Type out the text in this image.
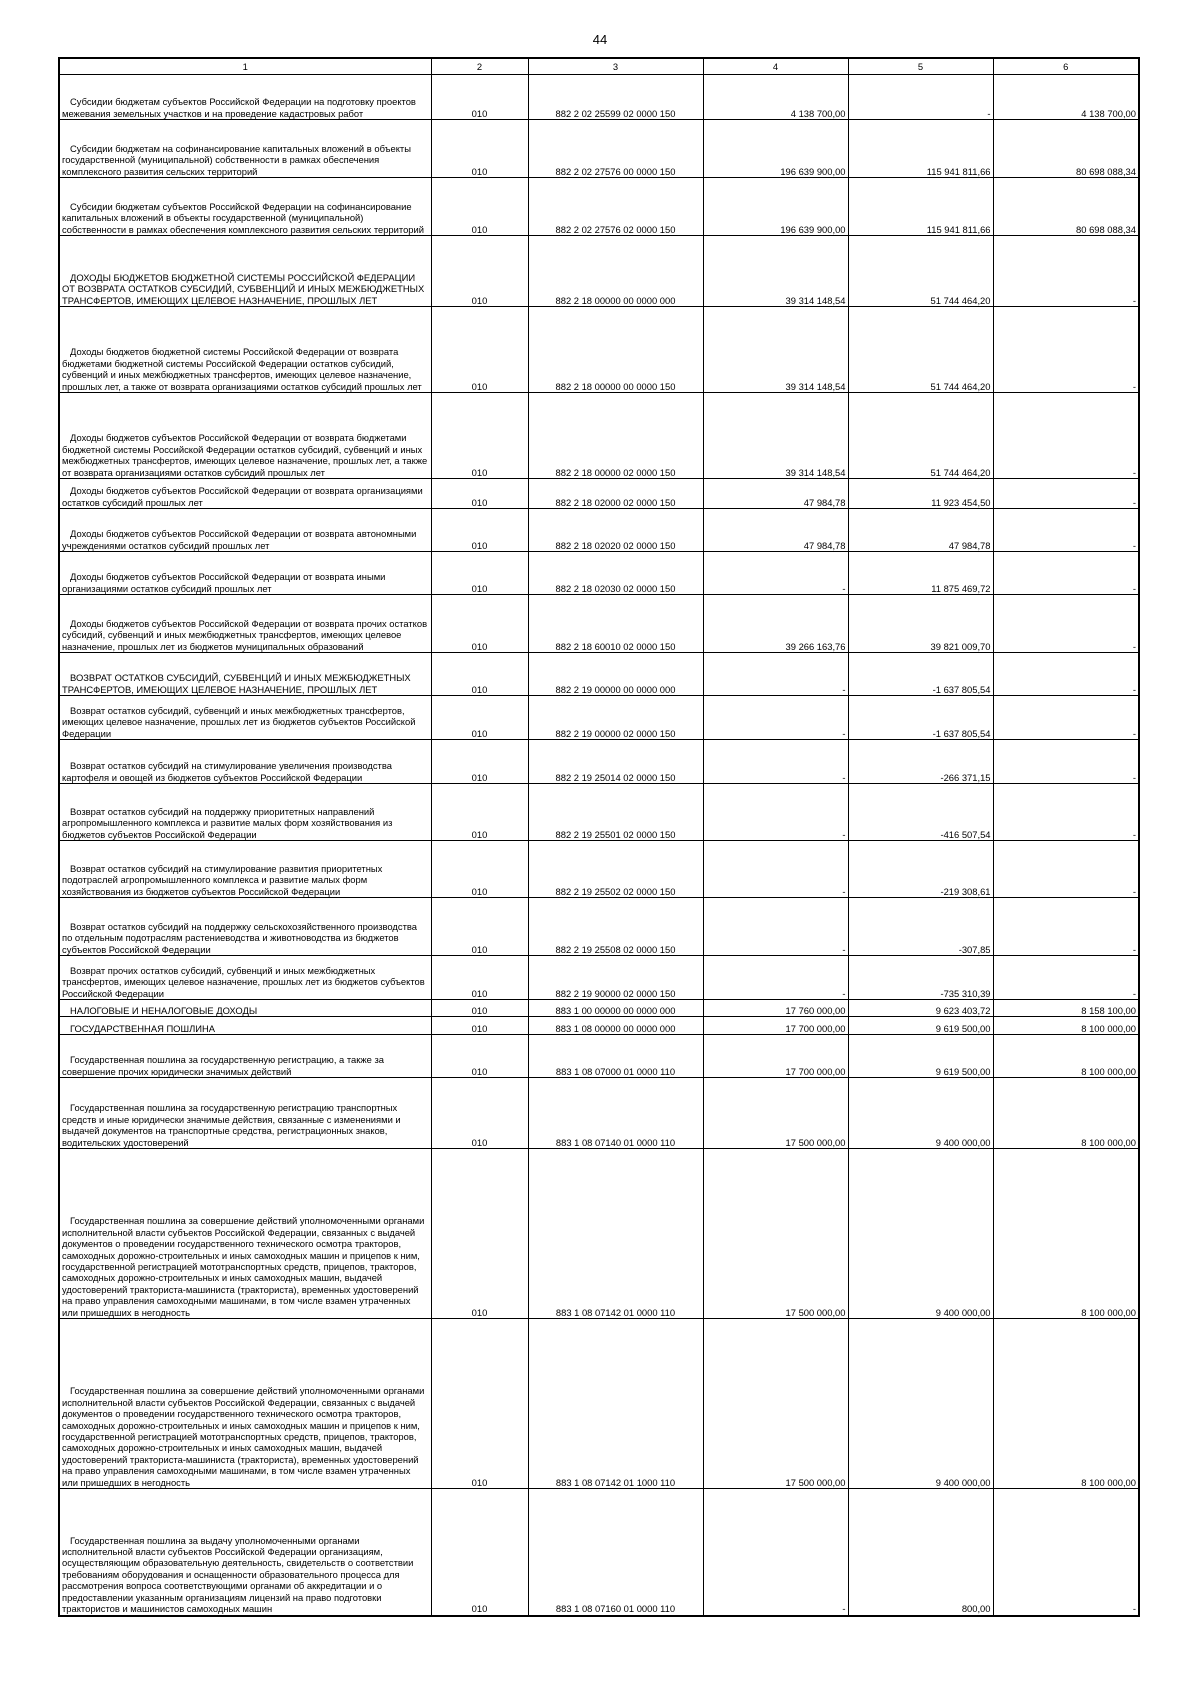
44
1	2	3	4	5	6
Субсидии бюджетам субъектов Российской Федерации на подготовку проектов межевания земельных участков и на проведение кадастровых работ	010	882 2 02 25599 02 0000 150	4 138 700,00	-	4 138 700,00
Субсидии бюджетам на софинансирование капитальных вложений в объекты государственной (муниципальной) собственности в рамках обеспечения комплексного развития сельских территорий	010	882 2 02 27576 00 0000 150	196 639 900,00	115 941 811,66	80 698 088,34
Субсидии бюджетам субъектов Российской Федерации на софинансирование капитальных вложений в объекты государственной (муниципальной) собственности в рамках обеспечения комплексного развития сельских территорий	010	882 2 02 27576 02 0000 150	196 639 900,00	115 941 811,66	80 698 088,34
ДОХОДЫ БЮДЖЕТОВ БЮДЖЕТНОЙ СИСТЕМЫ РОССИЙСКОЙ ФЕДЕРАЦИИ ОТ ВОЗВРАТА ОСТАТКОВ СУБСИДИЙ, СУБВЕНЦИЙ И ИНЫХ МЕЖБЮДЖЕТНЫХ ТРАНСФЕРТОВ, ИМЕЮЩИХ ЦЕЛЕВОЕ НАЗНАЧЕНИЕ, ПРОШЛЫХ ЛЕТ	010	882 2 18 00000 00 0000 000	39 314 148,54	51 744 464,20	-
Доходы бюджетов бюджетной системы Российской Федерации от возврата бюджетами бюджетной системы Российской Федерации остатков субсидий, субвенций и иных межбюджетных трансфертов, имеющих целевое назначение, прошлых лет, а также от возврата организациями остатков субсидий прошлых лет	010	882 2 18 00000 00 0000 150	39 314 148,54	51 744 464,20	-
Доходы бюджетов субъектов Российской Федерации от возврата бюджетами бюджетной системы Российской Федерации остатков субсидий, субвенций и иных межбюджетных трансфертов, имеющих целевое назначение, прошлых лет, а также от возврата организациями остатков субсидий прошлых лет	010	882 2 18 00000 02 0000 150	39 314 148,54	51 744 464,20	-
Доходы бюджетов субъектов Российской Федерации от возврата организациями остатков субсидий прошлых лет	010	882 2 18 02000 02 0000 150	47 984,78	11 923 454,50	-
Доходы бюджетов субъектов Российской Федерации от возврата автономными учреждениями остатков субсидий прошлых лет	010	882 2 18 02020 02 0000 150	47 984,78	47 984,78	-
Доходы бюджетов субъектов Российской Федерации от возврата иными организациями остатков субсидий прошлых лет	010	882 2 18 02030 02 0000 150	-	11 875 469,72	-
Доходы бюджетов субъектов Российской Федерации от возврата прочих остатков субсидий, субвенций и иных межбюджетных трансфертов, имеющих целевое назначение, прошлых лет из бюджетов муниципальных образований	010	882 2 18 60010 02 0000 150	39 266 163,76	39 821 009,70	-
ВОЗВРАТ ОСТАТКОВ СУБСИДИЙ, СУБВЕНЦИЙ И ИНЫХ МЕЖБЮДЖЕТНЫХ ТРАНСФЕРТОВ, ИМЕЮЩИХ ЦЕЛЕВОЕ НАЗНАЧЕНИЕ, ПРОШЛЫХ ЛЕТ	010	882 2 19 00000 00 0000 000	-	-1 637 805,54	-
Возврат остатков субсидий, субвенций и иных межбюджетных трансфертов, имеющих целевое назначение, прошлых лет из бюджетов субъектов Российской Федерации	010	882 2 19 00000 02 0000 150	-	-1 637 805,54	-
Возврат остатков субсидий на стимулирование увеличения производства картофеля и овощей из бюджетов субъектов Российской Федерации	010	882 2 19 25014 02 0000 150	-	-266 371,15	-
Возврат остатков субсидий на поддержку приоритетных направлений агропромышленного комплекса и развитие малых форм хозяйствования из бюджетов субъектов Российской Федерации	010	882 2 19 25501 02 0000 150	-	-416 507,54	-
Возврат остатков субсидий на стимулирование развития приоритетных подотраслей агропромышленного комплекса и развитие малых форм хозяйствования из бюджетов субъектов Российской Федерации	010	882 2 19 25502 02 0000 150	-	-219 308,61	-
Возврат остатков субсидий на поддержку сельскохозяйственного производства по отдельным подотраслям растениеводства и животноводства из бюджетов субъектов Российской Федерации	010	882 2 19 25508 02 0000 150	-	-307,85	-
Возврат прочих остатков субсидий, субвенций и иных межбюджетных трансфертов, имеющих целевое назначение, прошлых лет из бюджетов субъектов Российской Федерации	010	882 2 19 90000 02 0000 150	-	-735 310,39	-
НАЛОГОВЫЕ И НЕНАЛОГОВЫЕ ДОХОДЫ	010	883 1 00 00000 00 0000 000	17 760 000,00	9 623 403,72	8 158 100,00
ГОСУДАРСТВЕННАЯ ПОШЛИНА	010	883 1 08 00000 00 0000 000	17 700 000,00	9 619 500,00	8 100 000,00
Государственная пошлина за государственную регистрацию, а также за совершение прочих юридически значимых действий	010	883 1 08 07000 01 0000 110	17 700 000,00	9 619 500,00	8 100 000,00
Государственная пошлина за государственную регистрацию транспортных средств и иные юридически значимые действия, связанные с изменениями и выдачей документов на транспортные средства, регистрационных знаков, водительских удостоверений	010	883 1 08 07140 01 0000 110	17 500 000,00	9 400 000,00	8 100 000,00
Государственная пошлина за совершение действий уполномоченными органами исполнительной власти субъектов Российской Федерации, связанных с выдачей документов о проведении государственного технического осмотра тракторов, самоходных дорожно-строительных и иных самоходных машин и прицепов к ним, государственной регистрацией мототранспортных средств, прицепов, тракторов, самоходных дорожно-строительных и иных самоходных машин, выдачей удостоверений тракториста-машиниста (тракториста), временных удостоверений на право управления самоходными машинами, в том числе взамен утраченных или пришедших в негодность	010	883 1 08 07142 01 0000 110	17 500 000,00	9 400 000,00	8 100 000,00
Государственная пошлина за совершение действий уполномоченными органами исполнительной власти субъектов Российской Федерации, связанных с выдачей документов о проведении государственного технического осмотра тракторов, самоходных дорожно-строительных и иных самоходных машин и прицепов к ним, государственной регистрацией мототранспортных средств, прицепов, тракторов, самоходных дорожно-строительных и иных самоходных машин, выдачей удостоверений тракториста-машиниста (тракториста), временных удостоверений на право управления самоходными машинами, в том числе взамен утраченных или пришедших в негодность	010	883 1 08 07142 01 1000 110	17 500 000,00	9 400 000,00	8 100 000,00
Государственная пошлина за выдачу уполномоченными органами исполнительной власти субъектов Российской Федерации организациям, осуществляющим образовательную деятельность, свидетельств о соответствии требованиям оборудования и оснащенности образовательного процесса для рассмотрения вопроса соответствующими органами об аккредитации и о предоставлении указанным организациям лицензий на право подготовки трактористов и машинистов самоходных машин	010	883 1 08 07160 01 0000 110	-	800,00	-
